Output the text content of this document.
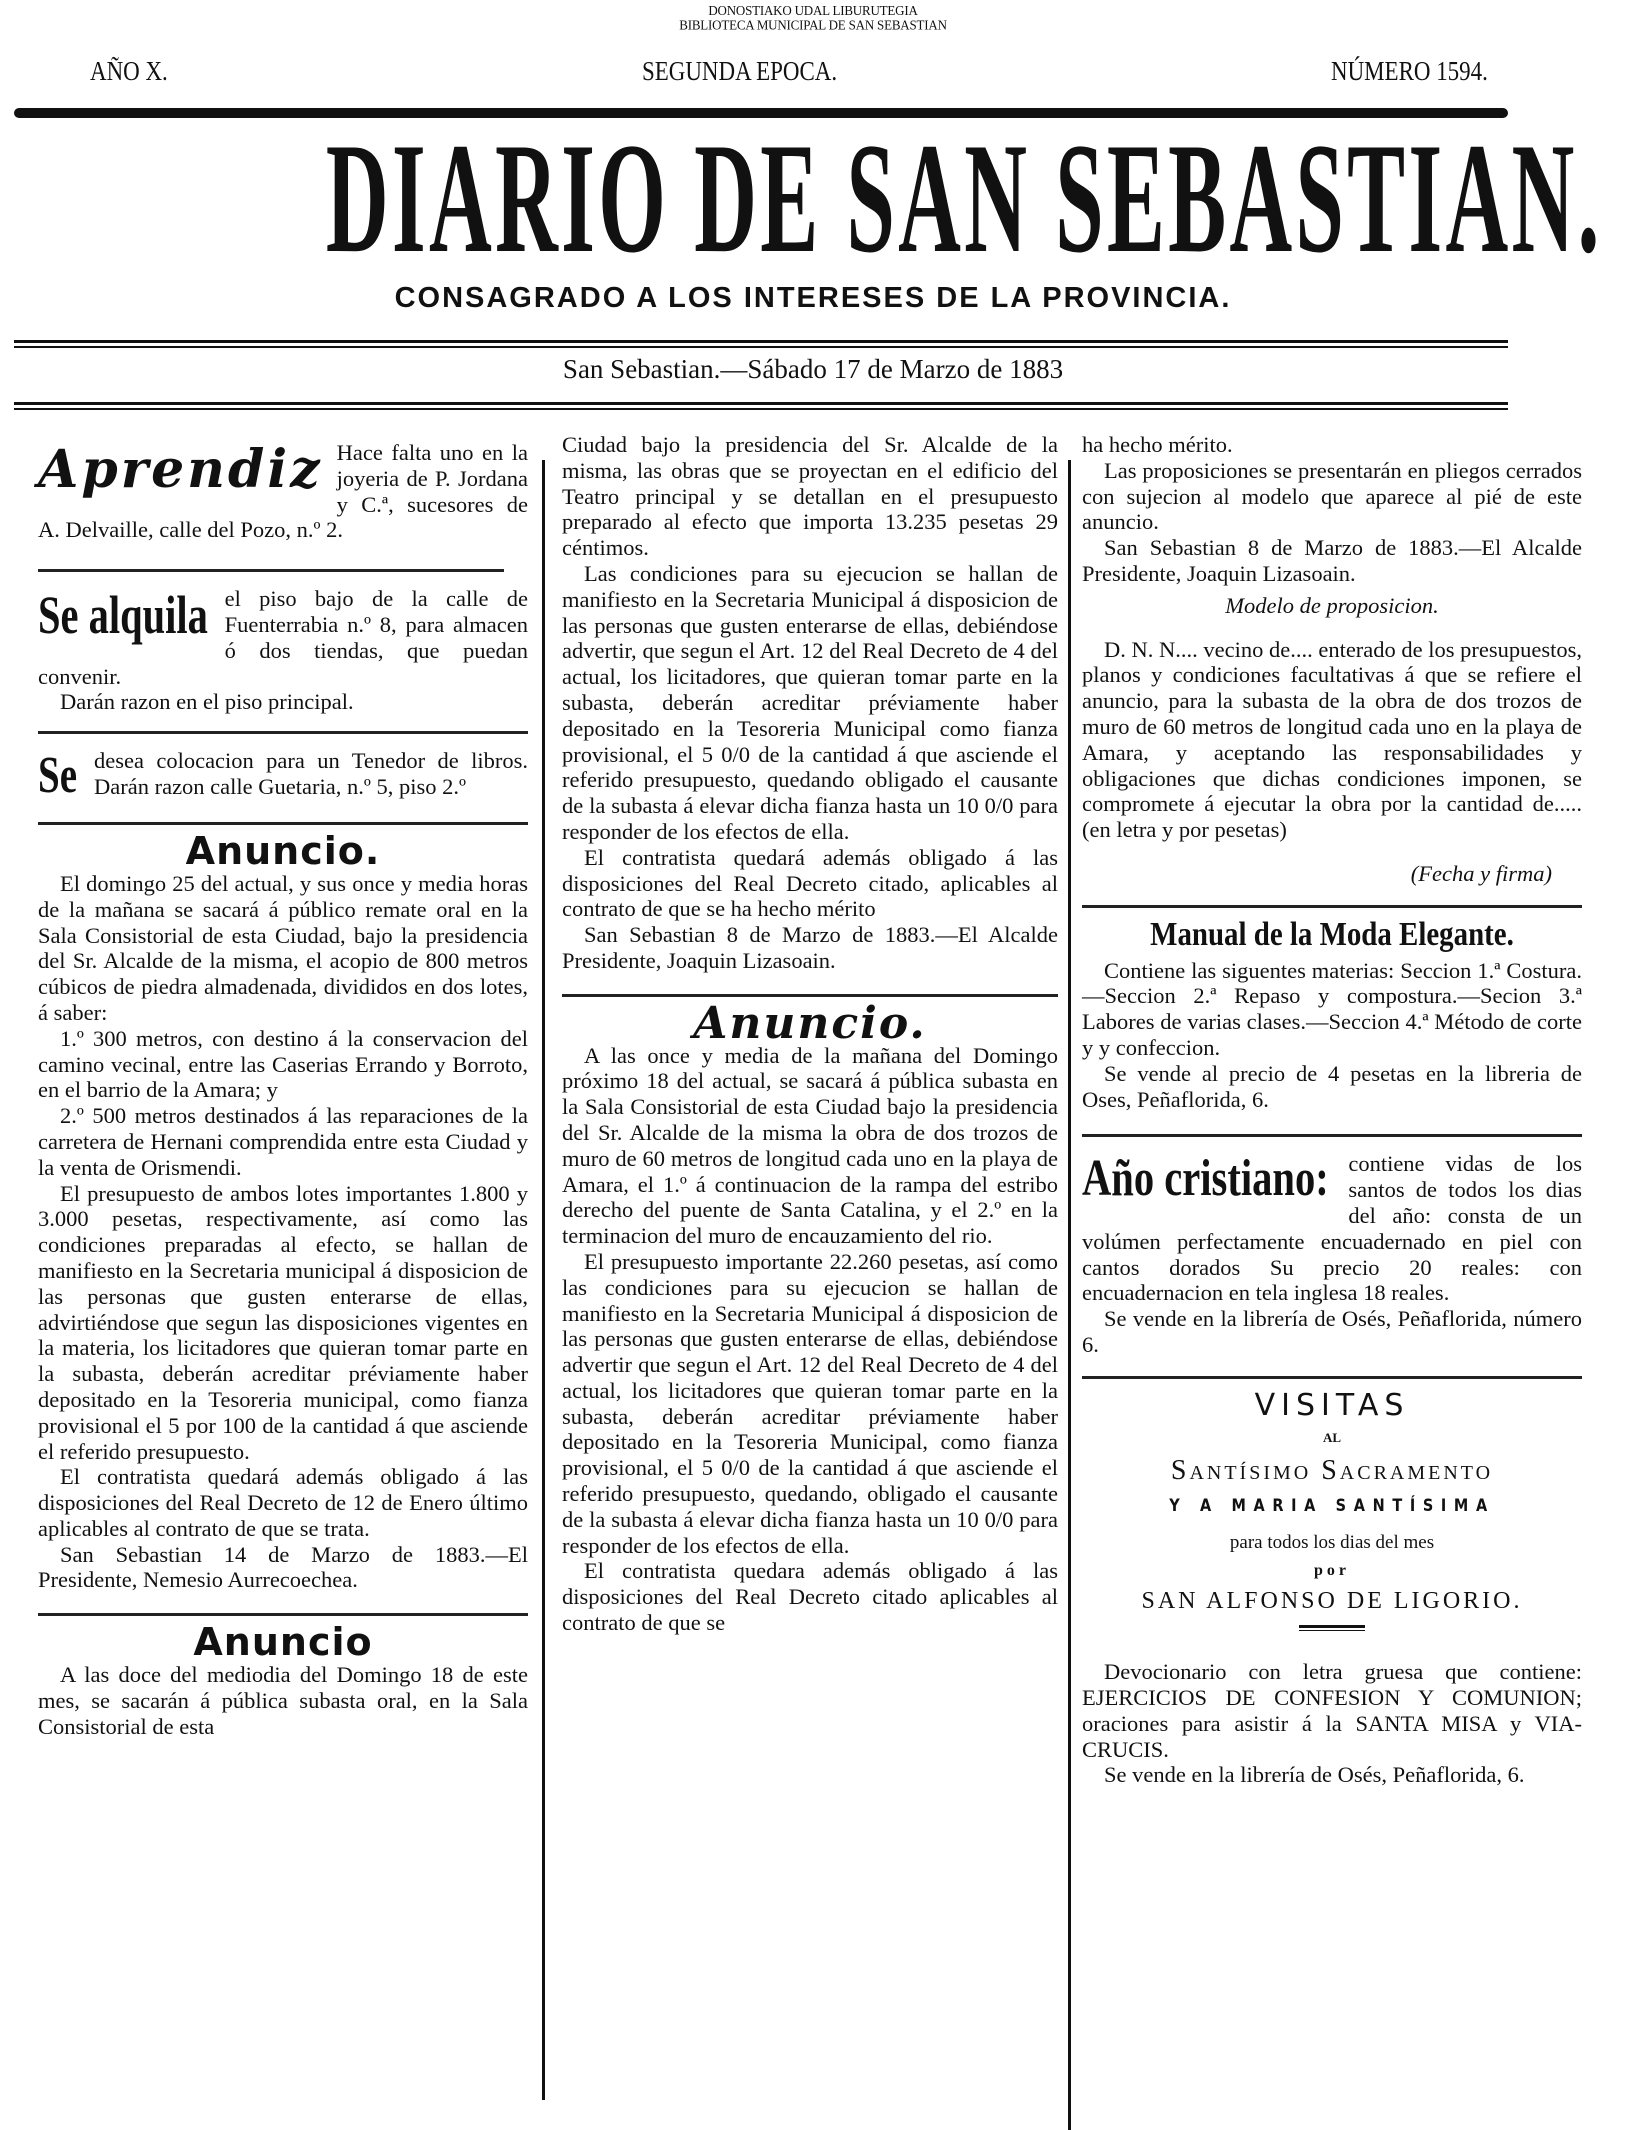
DONOSTIAKO UDAL LIBURUTEGIA
BIBLIOTECA MUNICIPAL DE SAN SEBASTIAN
AÑO X.	SEGUNDA EPOCA.	NÚMERO 1594.
DIARIO DE SAN SEBASTIAN.
CONSAGRADO A LOS INTERESES DE LA PROVINCIA.
San Sebastian.—Sábado 17 de Marzo de 1883
Aprendiz Hace falta uno en la joyeria de P. Jordana y C.ª, sucesores de A. Delvaille, calle del Pozo, n.º 2.

Se alquila el piso bajo de la calle de Fuenterrabia n.º 8, para almacen ó dos tiendas, que puedan convenir.

Darán razon en el piso principal.

Se desea colocacion para un Tenedor de libros. Darán razon calle Guetaria, n.º 5, piso 2.º

Anuncio.

El domingo 25 del actual, y sus once y media horas de la mañana se sacará á público remate oral en la Sala Consistorial de esta Ciudad, bajo la presidencia del Sr. Alcalde de la misma, el acopio de 800 metros cúbicos de piedra almadenada, divididos en dos lotes, á saber:

1.º 300 metros, con destino á la conservacion del camino vecinal, entre las Caserias Errando y Borroto, en el barrio de la Amara; y

2.º 500 metros destinados á las reparaciones de la carretera de Hernani comprendida entre esta Ciudad y la venta de Orismendi.

El presupuesto de ambos lotes importantes 1.800 y 3.000 pesetas, respectivamente, así como las condiciones preparadas al efecto, se hallan de manifiesto en la Secretaria municipal á disposicion de las personas que gusten enterarse de ellas, advirtiéndose que segun las disposiciones vigentes en la materia, los licitadores que quieran tomar parte en la subasta, deberán acreditar préviamente haber depositado en la Tesoreria municipal, como fianza provisional el 5 por 100 de la cantidad á que asciende el referido presupuesto.

El contratista quedará además obligado á las disposiciones del Real Decreto de 12 de Enero último aplicables al contrato de que se trata.

San Sebastian 14 de Marzo de 1883.—El Presidente, Nemesio Aurrecoechea.

Anuncio

A las doce del mediodia del Domingo 18 de este mes, se sacarán á pública subasta oral, en la Sala Consistorial de esta

Ciudad bajo la presidencia del Sr. Alcalde de la misma, las obras que se proyectan en el edificio del Teatro principal y se detallan en el presupuesto preparado al efecto que importa 13.235 pesetas 29 céntimos.

Las condiciones para su ejecucion se hallan de manifiesto en la Secretaria Municipal á disposicion de las personas que gusten enterarse de ellas, debiéndose advertir, que segun el Art. 12 del Real Decreto de 4 del actual, los licitadores, que quieran tomar parte en la subasta, deberán acreditar préviamente haber depositado en la Tesoreria Municipal como fianza provisional, el 5 0/0 de la cantidad á que asciende el referido presupuesto, quedando obligado el causante de la subasta á elevar dicha fianza hasta un 10 0/0 para responder de los efectos de ella.

El contratista quedará además obligado á las disposiciones del Real Decreto citado, aplicables al contrato de que se ha hecho mérito

San Sebastian 8 de Marzo de 1883.—El Alcalde Presidente, Joaquin Lizasoain.

Anuncio.

A las once y media de la mañana del Domingo próximo 18 del actual, se sacará á pública subasta en la Sala Consistorial de esta Ciudad bajo la presidencia del Sr. Alcalde de la misma la obra de dos trozos de muro de 60 metros de longitud cada uno en la playa de Amara, el 1.º á continuacion de la rampa del estribo derecho del puente de Santa Catalina, y el 2.º en la terminacion del muro de encauzamiento del rio.

El presupuesto importante 22.260 pesetas, así como las condiciones para su ejecucion se hallan de manifiesto en la Secretaria Municipal á disposicion de las personas que gusten enterarse de ellas, debiéndose advertir que segun el Art. 12 del Real Decreto de 4 del actual, los licitadores que quieran tomar parte en la subasta, deberán acreditar préviamente haber depositado en la Tesoreria Municipal, como fianza provisional, el 5 0/0 de la cantidad á que asciende el referido presupuesto, quedando, obligado el causante de la subasta á elevar dicha fianza hasta un 10 0/0 para responder de los efectos de ella.

El contratista quedara además obligado á las disposiciones del Real Decreto citado aplicables al contrato de que se

ha hecho mérito.

Las proposiciones se presentarán en pliegos cerrados con sujecion al modelo que aparece al pié de este anuncio.

San Sebastian 8 de Marzo de 1883.—El Alcalde Presidente, Joaquin Lizasoain.

Modelo de proposicion.

D. N. N.... vecino de.... enterado de los presupuestos, planos y condiciones facultativas á que se refiere el anuncio, para la subasta de la obra de dos trozos de muro de 60 metros de longitud cada uno en la playa de Amara, y aceptando las responsabilidades y obligaciones que dichas condiciones imponen, se compromete á ejecutar la obra por la cantidad de..... (en letra y por pesetas)

(Fecha y firma)
Manual de la Moda Elegante.

Contiene las siguentes materias: Seccion 1.ª Costura.—Seccion 2.ª Repaso y compostura.—Secion 3.ª Labores de varias clases.—Seccion 4.ª Método de corte y y confeccion.

Se vende al precio de 4 pesetas en la libreria de Oses, Peñaflorida, 6.

Año cristiano: contiene vidas de los santos de todos los dias del año: consta de un volúmen perfectamente encuadernado en piel con cantos dorados Su precio 20 reales: con encuadernacion en tela inglesa 18 reales.

Se vende en la librería de Osés, Peñaflorida, número 6.

VISITAS
AL
Santísimo Sacramento
Y A MARIA SANTÍSIMA
para todos los dias del mes
por
SAN ALFONSO DE LIGORIO.

Devocionario con letra gruesa que contiene: EJERCICIOS DE CONFESION Y COMUNION; oraciones para asistir á la SANTA MISA y VIA-CRUCIS.

Se vende en la librería de Osés, Peñaflorida, 6.
